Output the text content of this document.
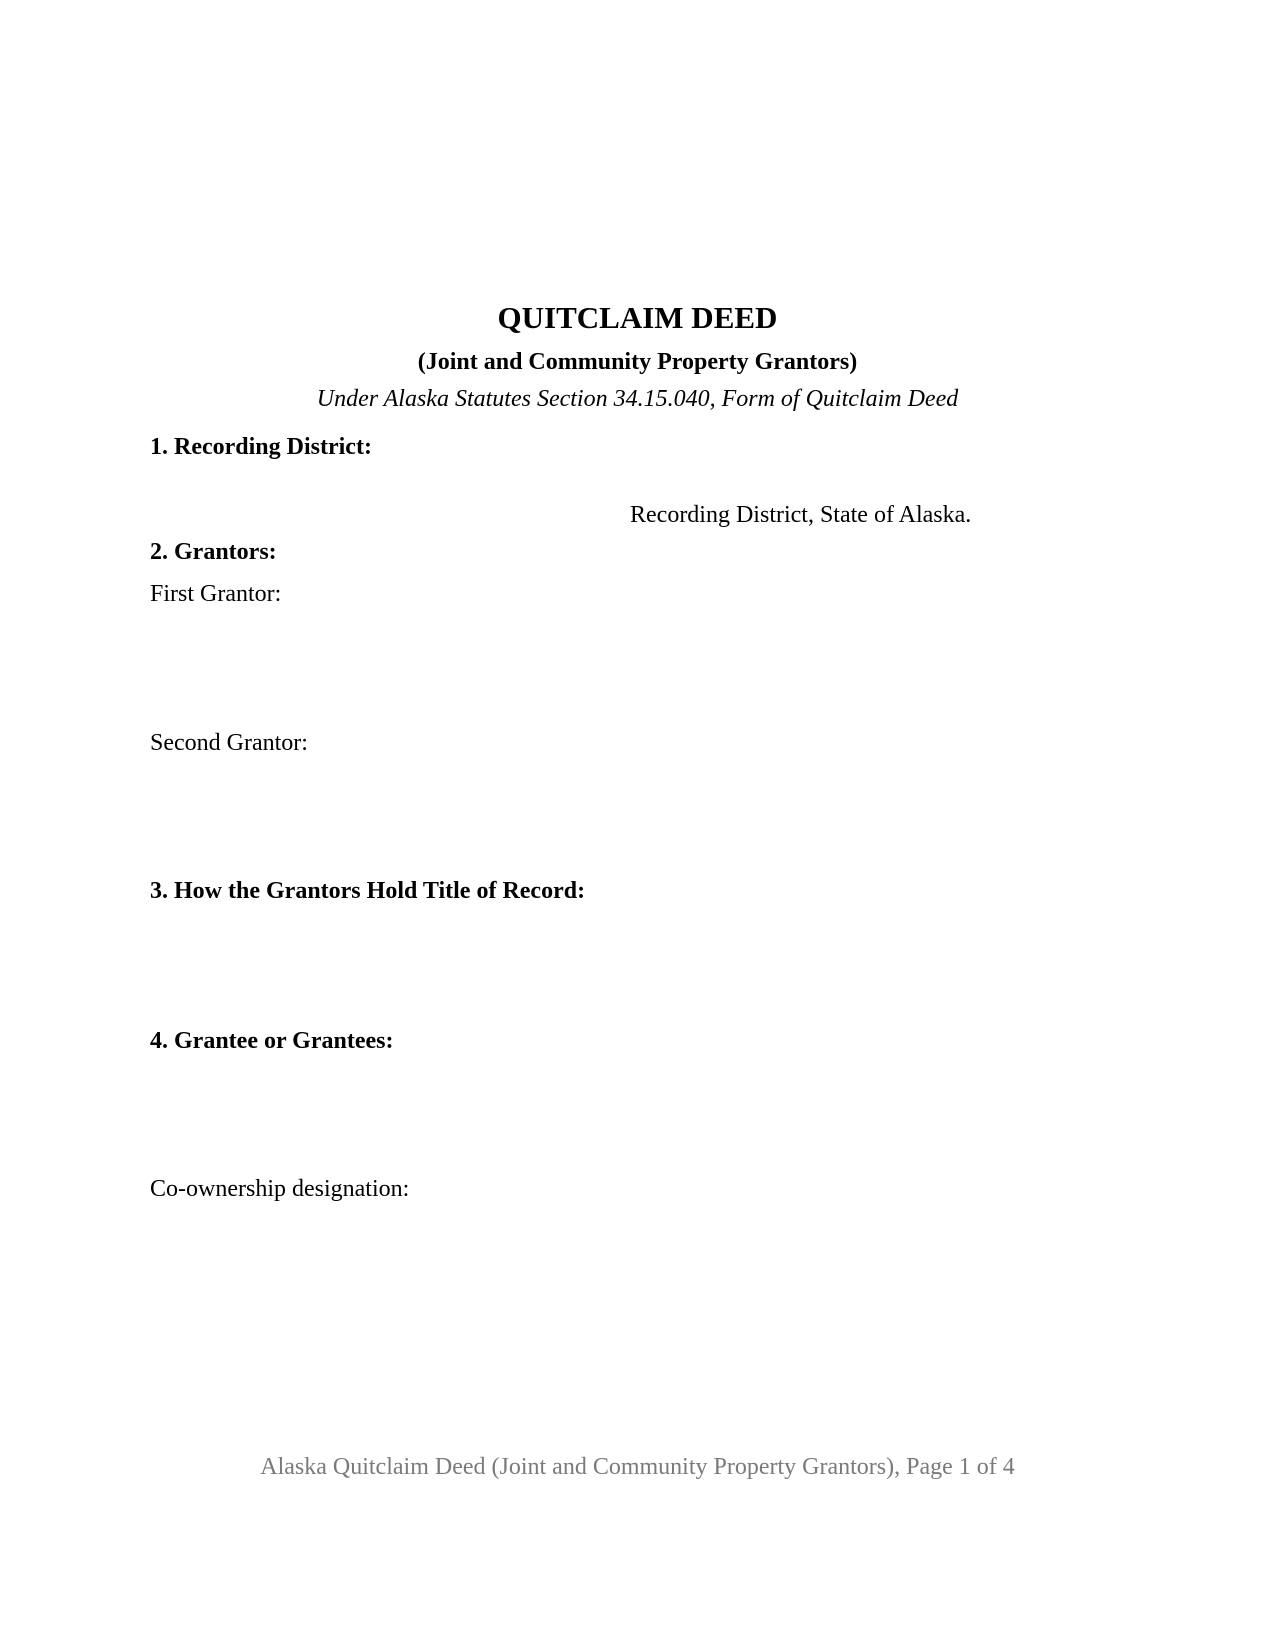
QUITCLAIM DEED
(Joint and Community Property Grantors)
Under Alaska Statutes Section 34.15.040, Form of Quitclaim Deed
1. Recording District:
Recording District, State of Alaska.
2. Grantors:
First Grantor:
Second Grantor:
3. How the Grantors Hold Title of Record:
4. Grantee or Grantees:
Co-ownership designation:
Alaska Quitclaim Deed (Joint and Community Property Grantors), Page 1 of 4
